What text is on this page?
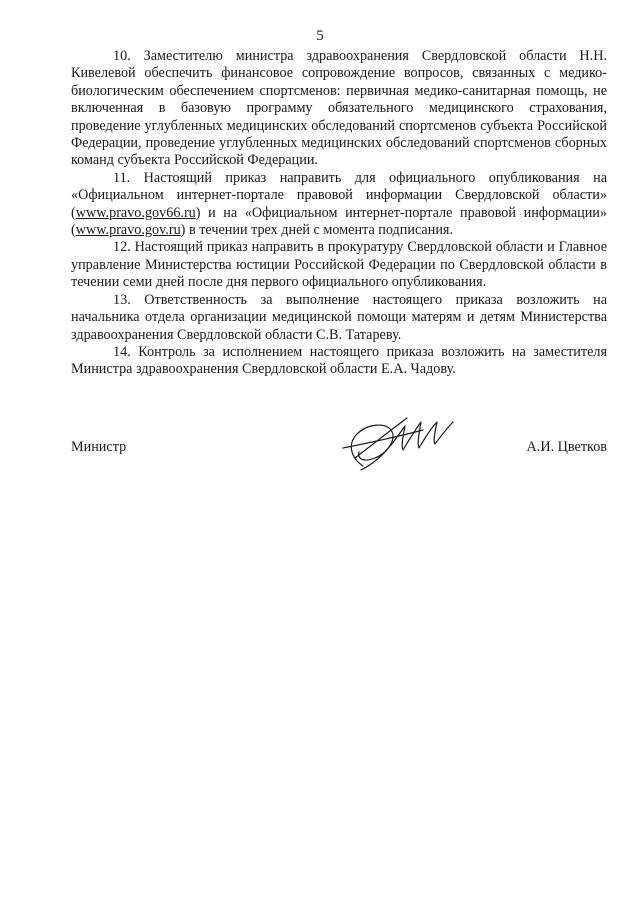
5

10. Заместителю министра здравоохранения Свердловской области Н.Н. Кивелевой обеспечить финансовое сопровождение вопросов, связанных с медико-биологическим обеспечением спортсменов: первичная медико-санитарная помощь, не включенная в базовую программу обязательного медицинского страхования, проведение углубленных медицинских обследований спортсменов субъекта Российской Федерации, проведение углубленных медицинских обследований спортсменов сборных команд субъекта Российской Федерации.

11. Настоящий приказ направить для официального опубликования на «Официальном интернет-портале правовой информации Свердловской области» (www.pravo.gov66.ru) и на «Официальном интернет-портале правовой информации» (www.pravo.gov.ru) в течении трех дней с момента подписания.

12. Настоящий приказ направить в прокуратуру Свердловской области и Главное управление Министерства юстиции Российской Федерации по Свердловской области в течении семи дней после дня первого официального опубликования.

13. Ответственность за выполнение настоящего приказа возложить на начальника отдела организации медицинской помощи матерям и детям Министерства здравоохранения Свердловской области С.В. Татареву.

14. Контроль за исполнением настоящего приказа возложить на заместителя Министра здравоохранения Свердловской области Е.А. Чадову.

Министр	А.И. Цветков
